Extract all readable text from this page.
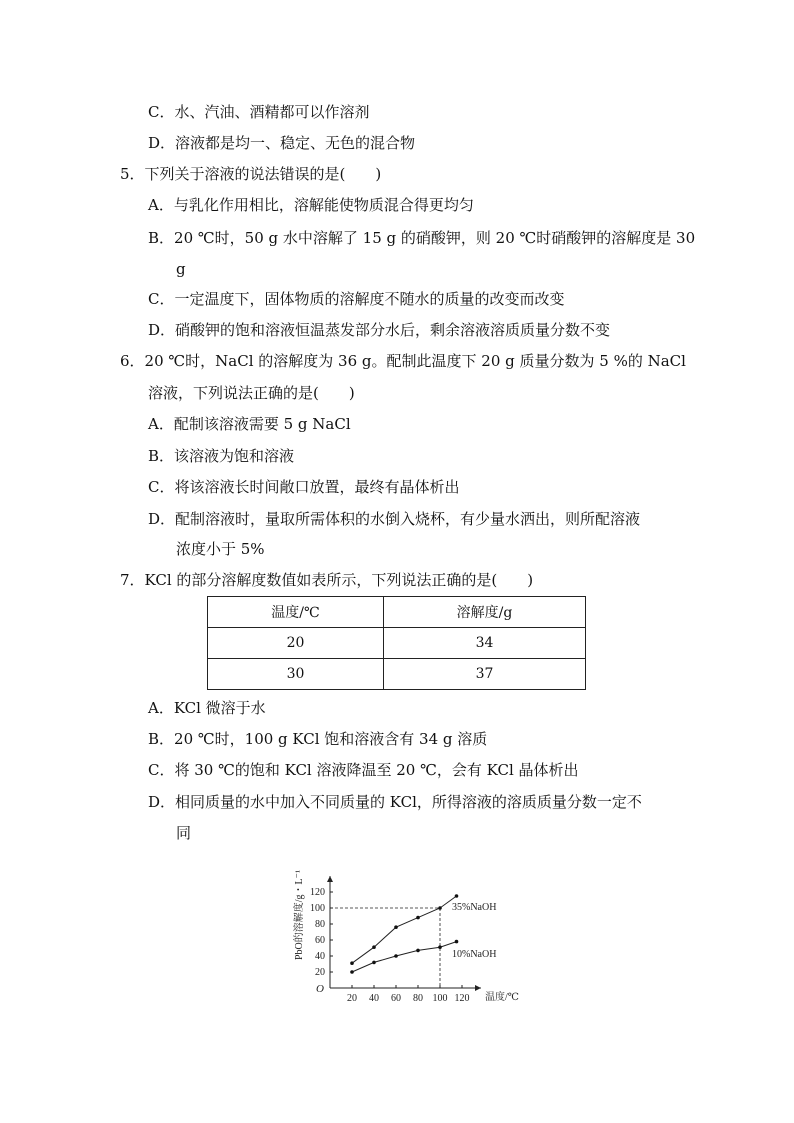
C．水、汽油、酒精都可以作溶剂
D．溶液都是均一、稳定、无色的混合物
5．下列关于溶液的说法错误的是(　　)
A．与乳化作用相比，溶解能使物质混合得更均匀
B．20 ℃时，50 g 水中溶解了 15 g 的硝酸钾，则 20 ℃时硝酸钾的溶解度是 30
g
C．一定温度下，固体物质的溶解度不随水的质量的改变而改变
D．硝酸钾的饱和溶液恒温蒸发部分水后，剩余溶液溶质质量分数不变
6．20 ℃时，NaCl 的溶解度为 36 g。配制此温度下 20 g 质量分数为 5 %的 NaCl
溶液，下列说法正确的是(　　)
A．配制该溶液需要 5 g NaCl
B．该溶液为饱和溶液
C．将该溶液长时间敞口放置，最终有晶体析出
D．配制溶液时，量取所需体积的水倒入烧杯，有少量水洒出，则所配溶液
浓度小于 5%
7．KCl 的部分溶解度数值如表所示，下列说法正确的是(　　)
温度/℃	溶解度/g
20	34
30	37
A．KCl 微溶于水
B．20 ℃时，100 g KCl 饱和溶液含有 34 g 溶质
C．将 30 ℃的饱和 KCl 溶液降温至 20 ℃，会有 KCl 晶体析出
D．相同质量的水中加入不同质量的 KCl，所得溶液的溶质质量分数一定不
同
20 40 60 80 100 120
20
40
60
80
100
120
O
35%NaOH
10%NaOH
温度/℃
PbO的溶解度/g・L⁻¹
